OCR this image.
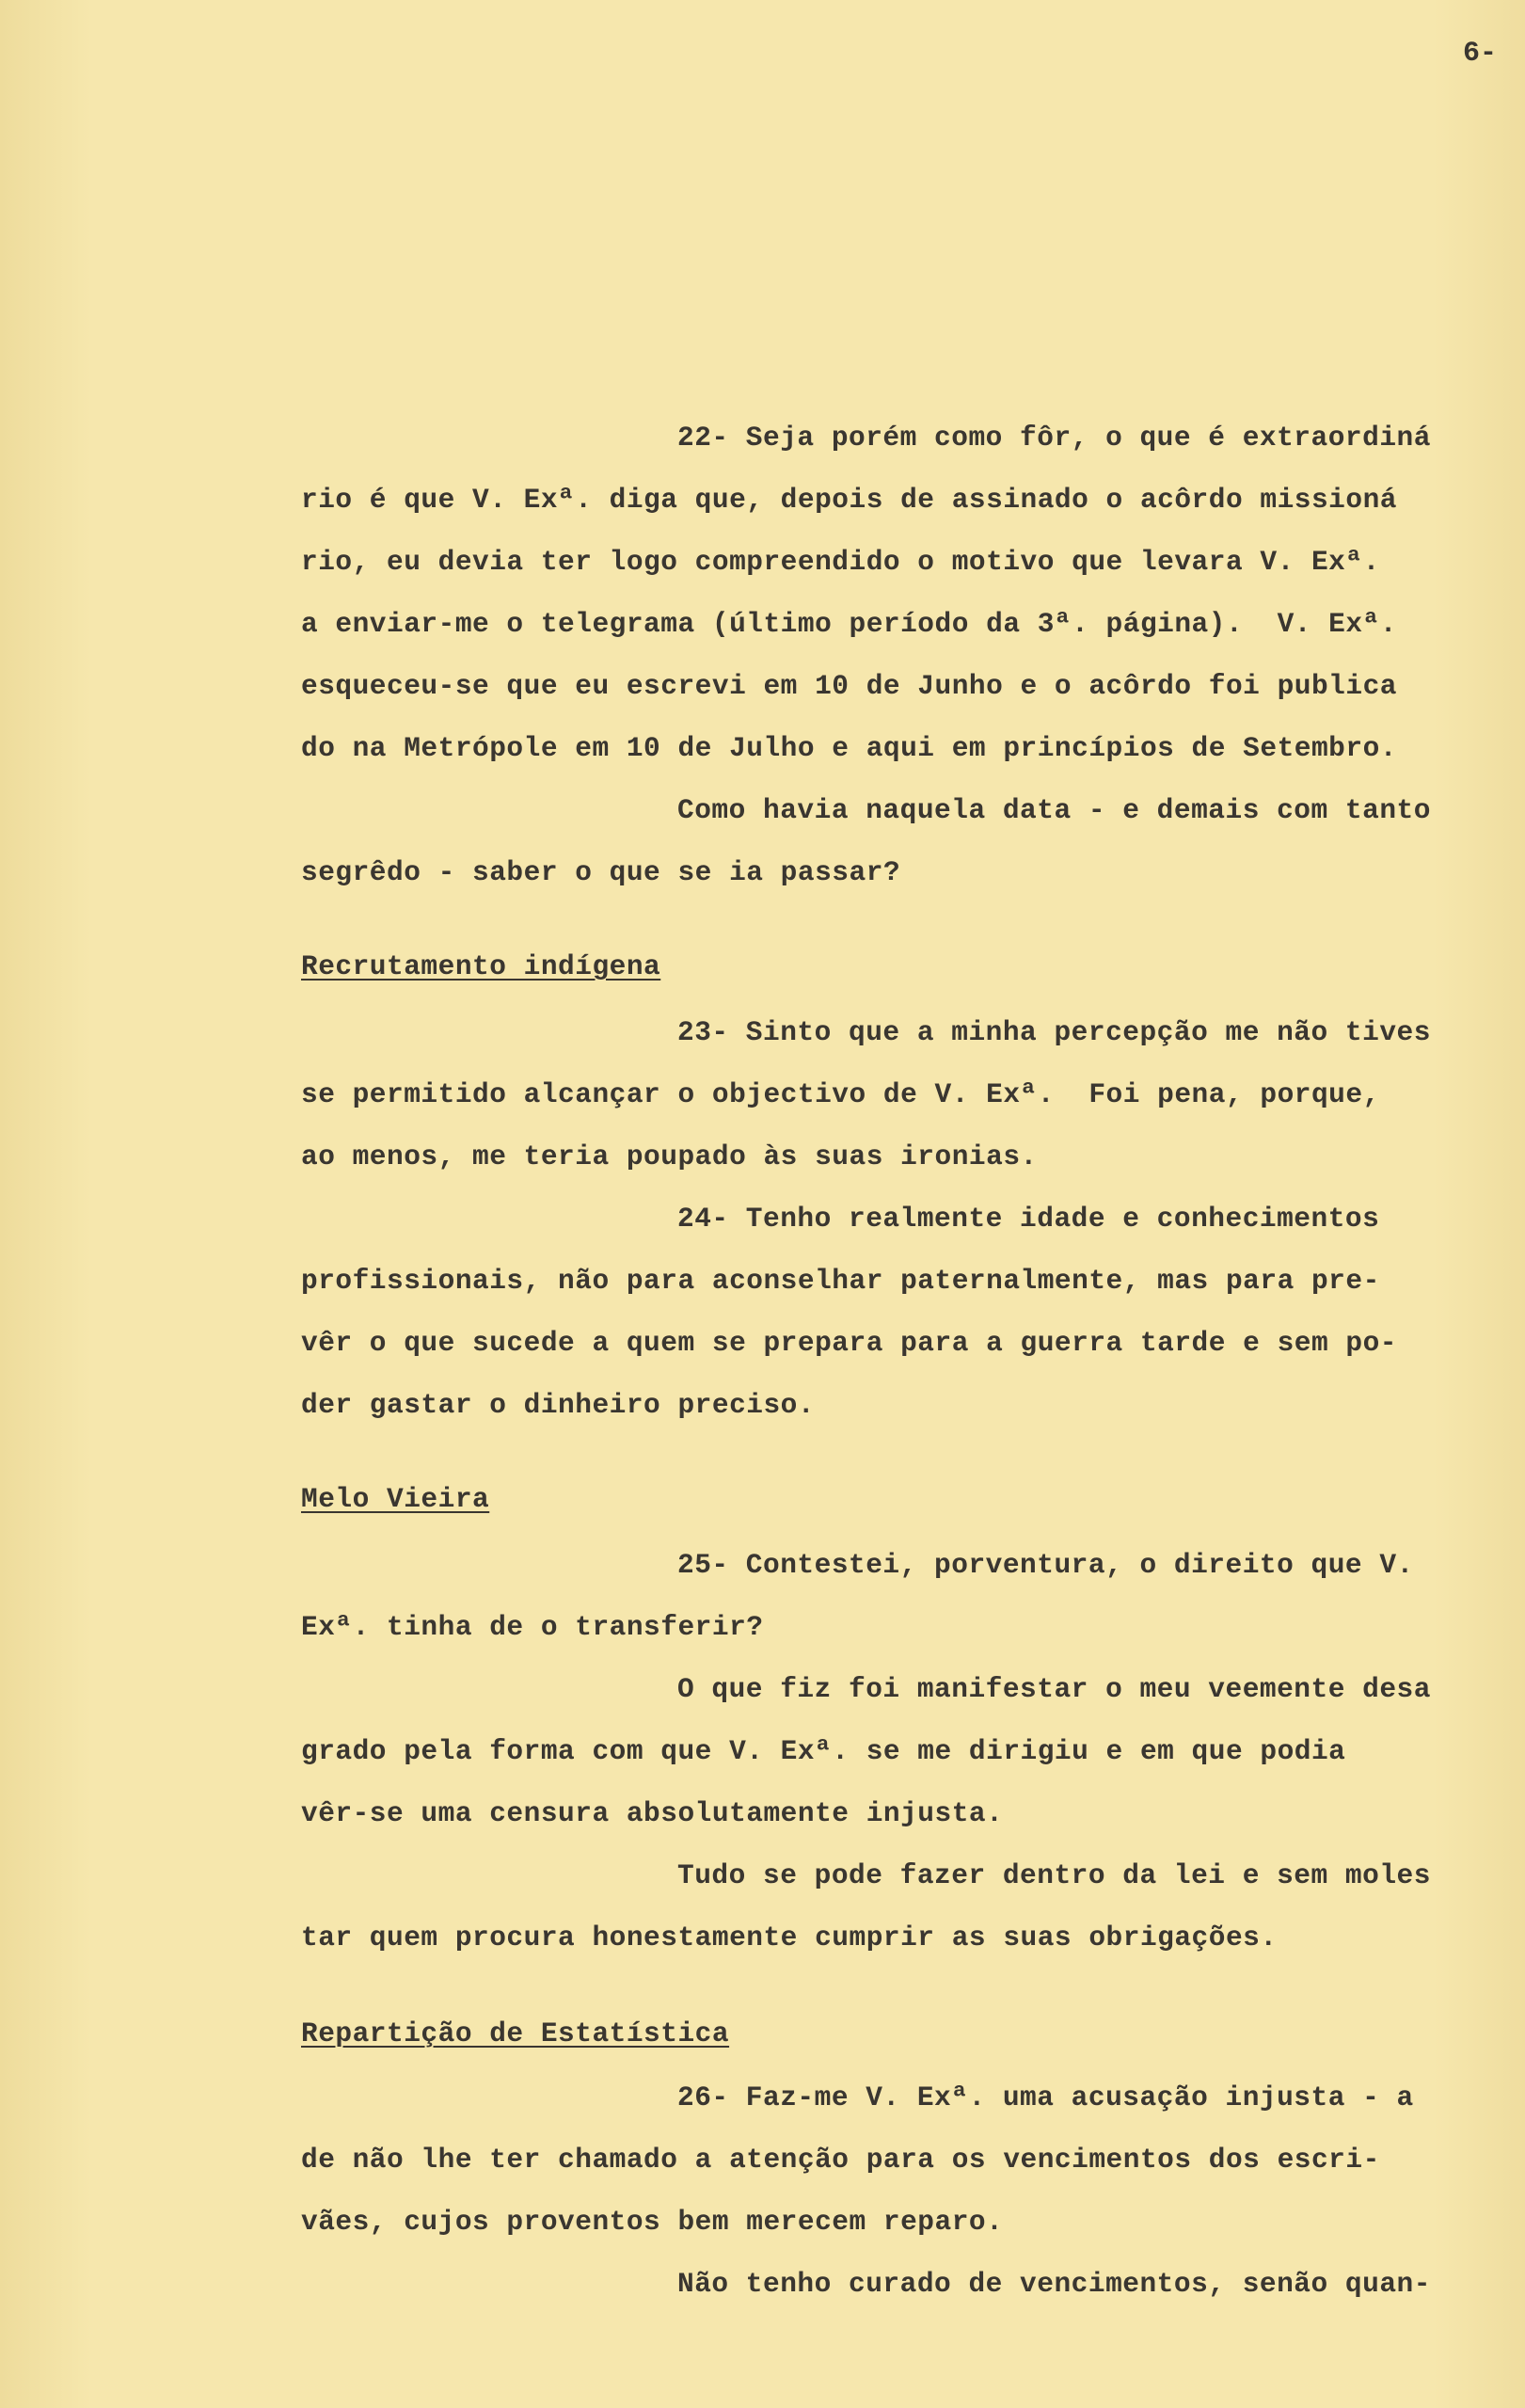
6-
22- Seja porém como fôr, o que é extraordiná
rio é que V. Exª. diga que, depois de assinado o acôrdo missioná
rio, eu devia ter logo compreendido o motivo que levara V. Exª.
a enviar-me o telegrama (último período da 3ª. página).  V. Exª.
esqueceu-se que eu escrevi em 10 de Junho e o acôrdo foi publica
do na Metrópole em 10 de Julho e aqui em princípios de Setembro.
Como havia naquela data - e demais com tanto
segrêdo - saber o que se ia passar?
Recrutamento indígena
23- Sinto que a minha percepção me não tives
se permitido alcançar o objectivo de V. Exª.  Foi pena, porque,
ao menos, me teria poupado às suas ironias.
24- Tenho realmente idade e conhecimentos
profissionais, não para aconselhar paternalmente, mas para pre-
vêr o que sucede a quem se prepara para a guerra tarde e sem po-
der gastar o dinheiro preciso.
Melo Vieira
25- Contestei, porventura, o direito que V.
Exª. tinha de o transferir?
O que fiz foi manifestar o meu veemente desa
grado pela forma com que V. Exª. se me dirigiu e em que podia
vêr-se uma censura absolutamente injusta.
Tudo se pode fazer dentro da lei e sem moles
tar quem procura honestamente cumprir as suas obrigações.
Repartição de Estatística
26- Faz-me V. Exª. uma acusação injusta - a
de não lhe ter chamado a atenção para os vencimentos dos escri-
vães, cujos proventos bem merecem reparo.
Não tenho curado de vencimentos, senão quan-
